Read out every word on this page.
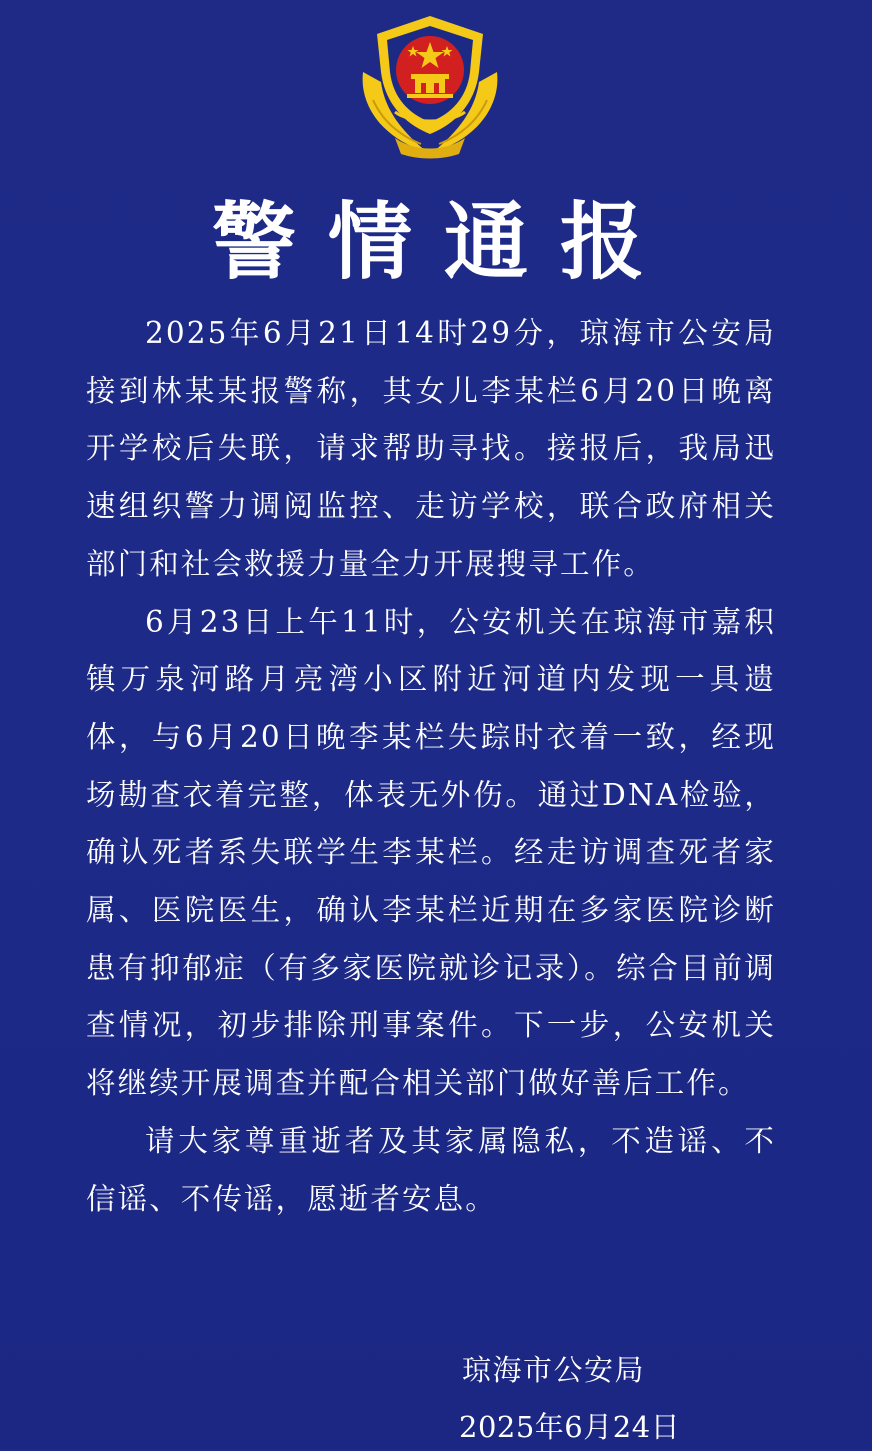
警情通报

2025年6月21日14时29分，琼海市公安局接到林某某报警称，其女儿李某栏6月20日晚离开学校后失联，请求帮助寻找。接报后，我局迅速组织警力调阅监控、走访学校，联合政府相关部门和社会救援力量全力开展搜寻工作。

6月23日上午11时，公安机关在琼海市嘉积镇万泉河路月亮湾小区附近河道内发现一具遗体，与6月20日晚李某栏失踪时衣着一致，经现场勘查衣着完整，体表无外伤。通过DNA检验，确认死者系失联学生李某栏。经走访调查死者家属、医院医生，确认李某栏近期在多家医院诊断患有抑郁症（有多家医院就诊记录）。综合目前调查情况，初步排除刑事案件。下一步，公安机关将继续开展调查并配合相关部门做好善后工作。

请大家尊重逝者及其家属隐私，不造谣、不信谣、不传谣，愿逝者安息。

琼海市公安局
2025年6月24日
